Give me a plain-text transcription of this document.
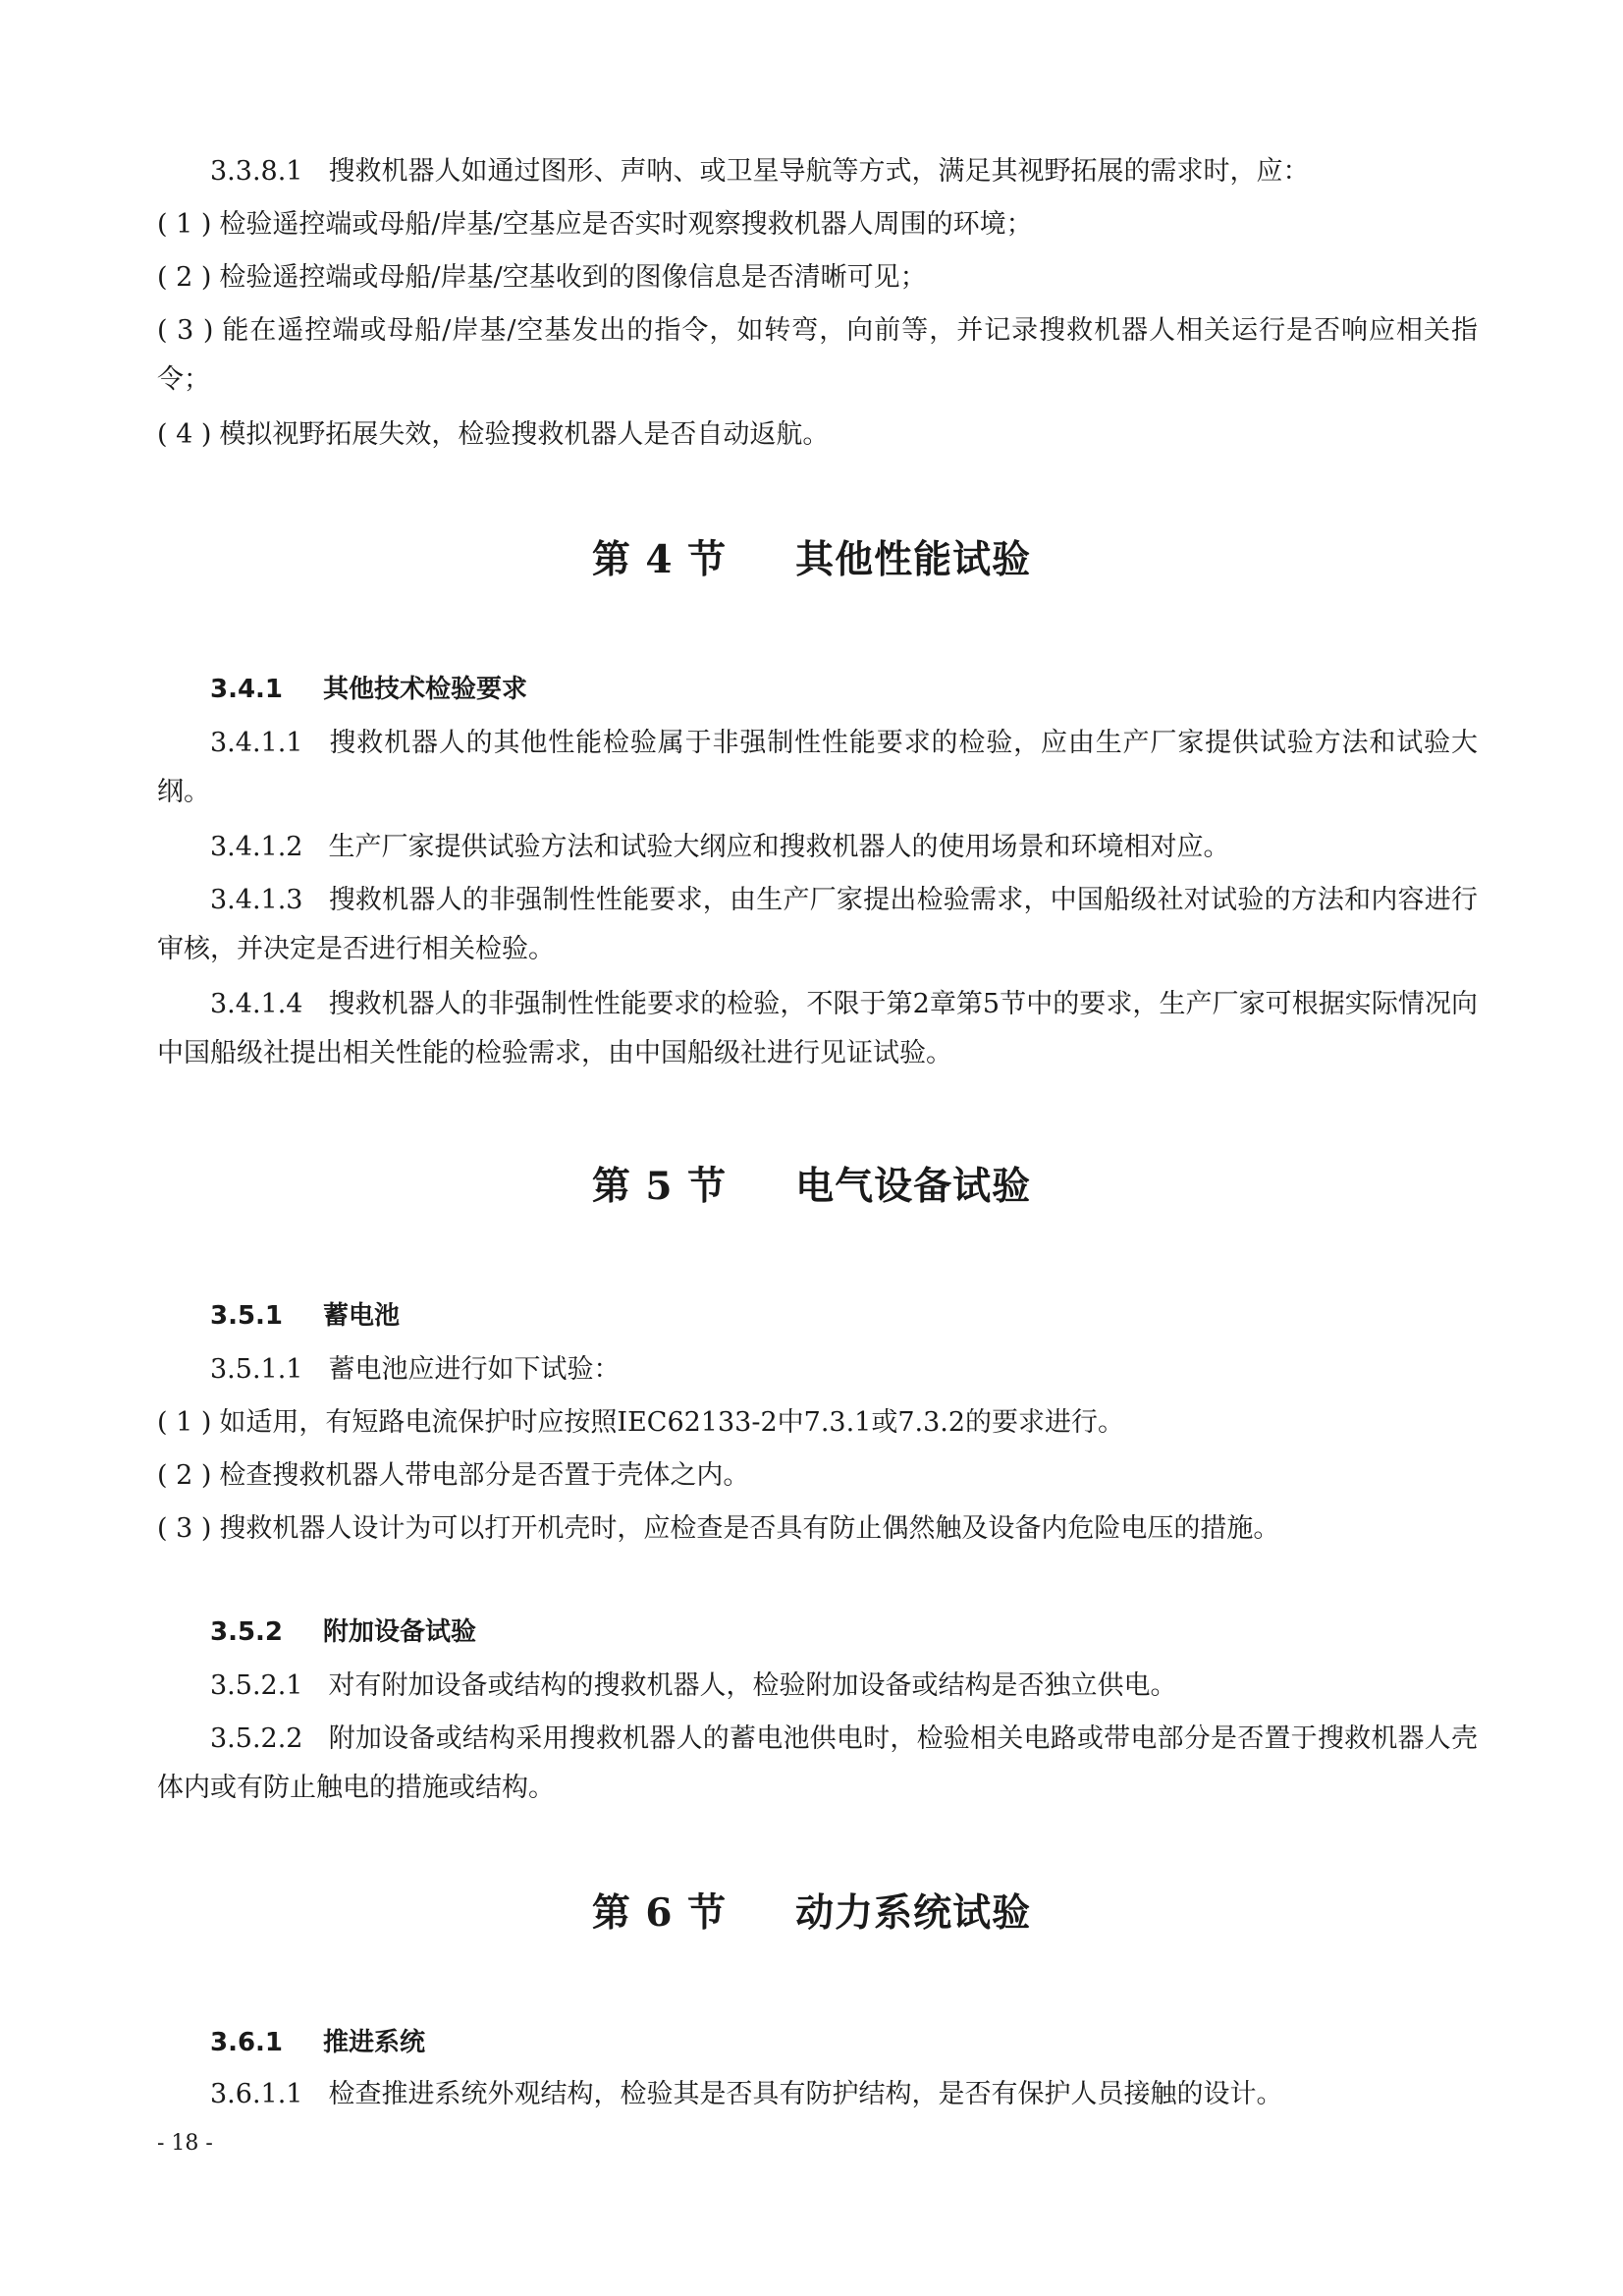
3.3.8.1 搜救机器人如通过图形、声呐、或卫星导航等方式，满足其视野拓展的需求时，应：

( 1 ) 检验遥控端或母船/岸基/空基应是否实时观察搜救机器人周围的环境；

( 2 ) 检验遥控端或母船/岸基/空基收到的图像信息是否清晰可见；

( 3 ) 能在遥控端或母船/岸基/空基发出的指令，如转弯，向前等，并记录搜救机器人相关运行是否响应相关指令；

( 4 ) 模拟视野拓展失效，检验搜救机器人是否自动返航。

第 4 节 其他性能试验
3.4.1 其他技术检验要求

3.4.1.1 搜救机器人的其他性能检验属于非强制性性能要求的检验，应由生产厂家提供试验方法和试验大纲。

3.4.1.2 生产厂家提供试验方法和试验大纲应和搜救机器人的使用场景和环境相对应。

3.4.1.3 搜救机器人的非强制性性能要求，由生产厂家提出检验需求，中国船级社对试验的方法和内容进行审核，并决定是否进行相关检验。

3.4.1.4 搜救机器人的非强制性性能要求的检验，不限于第2章第5节中的要求，生产厂家可根据实际情况向中国船级社提出相关性能的检验需求，由中国船级社进行见证试验。

第 5 节 电气设备试验
3.5.1 蓄电池

3.5.1.1 蓄电池应进行如下试验：

( 1 ) 如适用，有短路电流保护时应按照IEC62133-2中7.3.1或7.3.2的要求进行。

( 2 ) 检查搜救机器人带电部分是否置于壳体之内。

( 3 ) 搜救机器人设计为可以打开机壳时，应检查是否具有防止偶然触及设备内危险电压的措施。

3.5.2 附加设备试验

3.5.2.1 对有附加设备或结构的搜救机器人，检验附加设备或结构是否独立供电。

3.5.2.2 附加设备或结构采用搜救机器人的蓄电池供电时，检验相关电路或带电部分是否置于搜救机器人壳体内或有防止触电的措施或结构。

第 6 节 动力系统试验
3.6.1 推进系统

3.6.1.1 检查推进系统外观结构，检验其是否具有防护结构，是否有保护人员接触的设计。

- 18 -
